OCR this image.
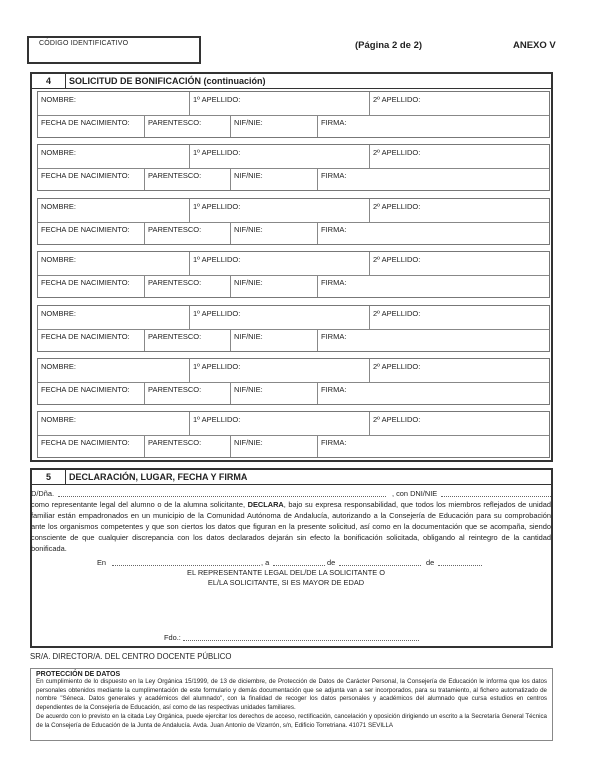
CÓDIGO IDENTIFICATIVO	(Página 2 de 2)	ANEXO V
4	SOLICITUD DE BONIFICACIÓN (continuación)
NOMBRE:	1º APELLIDO:	2º APELLIDO:
FECHA DE NACIMIENTO: PARENTESCO:	NIF/NIE:	FIRMA:
NOMBRE:	1º APELLIDO:	2º APELLIDO:
FECHA DE NACIMIENTO: PARENTESCO:	NIF/NIE:	FIRMA:
NOMBRE:	1º APELLIDO:	2º APELLIDO:
FECHA DE NACIMIENTO: PARENTESCO:	NIF/NIE:	FIRMA:
NOMBRE:	1º APELLIDO:	2º APELLIDO:
FECHA DE NACIMIENTO: PARENTESCO:	NIF/NIE:	FIRMA:
NOMBRE:	1º APELLIDO:	2º APELLIDO:
FECHA DE NACIMIENTO: PARENTESCO:	NIF/NIE:	FIRMA:
NOMBRE:	1º APELLIDO:	2º APELLIDO:
FECHA DE NACIMIENTO: PARENTESCO:	NIF/NIE:	FIRMA:
NOMBRE:	1º APELLIDO:	2º APELLIDO:
FECHA DE NACIMIENTO: PARENTESCO:	NIF/NIE:	FIRMA:
5	DECLARACIÓN, LUGAR, FECHA Y FIRMA
D/Dña.	, con DNI/NIE
como representante legal del alumno o de la alumna solicitante, DECLARA, bajo su expresa responsabilidad, que todos los miembros reflejados de unidad familiar están empadronados en un municipio de la Comunidad Autónoma de Andalucía, autorizando a la Consejería de Educación para su comprobación ante los organismos competentes y que son ciertos los datos que figuran en la presente solicitud, así como en la documentación que se acompaña, siendo consciente de que cualquier discrepancia con los datos declarados dejarán sin efecto la bonificación solicitada, obligando al reintegro de la cantidad bonificada.
En	, a	de	de
EL REPRESENTANTE LEGAL DEL/DE LA SOLICITANTE O
EL/LA SOLICITANTE, SI ES MAYOR DE EDAD
Fdo.:
SR/A. DIRECTOR/A. DEL CENTRO DOCENTE PÚBLICO
PROTECCIÓN DE DATOS

En cumplimiento de lo dispuesto en la Ley Orgánica 15/1999, de 13 de diciembre, de Protección de Datos de Carácter Personal, la Consejería de Educación le informa que los datos personales obtenidos mediante la cumplimentación de este formulario y demás documentación que se adjunta van a ser incorporados, para su tratamiento, al fichero automatizado de nombre "Séneca. Datos generales y académicos del alumnado", con la finalidad de recoger los datos personales y académicos del alumnado que cursa estudios en centros dependientes de la Consejería de Educación, así como de las respectivas unidades familiares.

De acuerdo con lo previsto en la citada Ley Orgánica, puede ejercitar los derechos de acceso, rectificación, cancelación y oposición dirigiendo un escrito a la Secretaría General Técnica de la Consejería de Educación de la Junta de Andalucía. Avda. Juan Antonio de Vizarrón, s/n, Edificio Torretriana. 41071 SEVILLA
